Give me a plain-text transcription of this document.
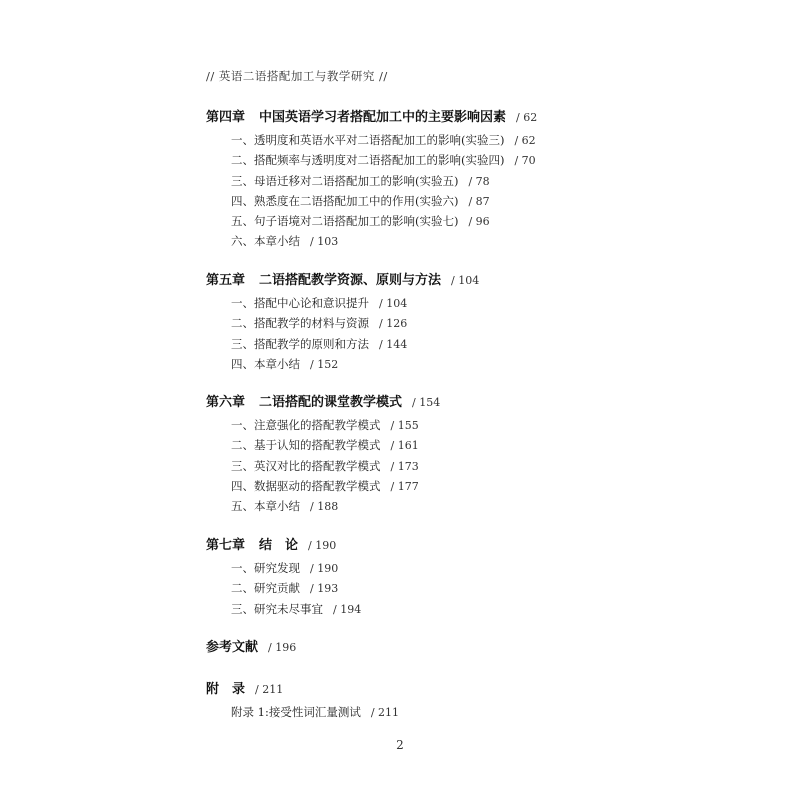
// 英语二语搭配加工与教学研究 //
第四章 中国英语学习者搭配加工中的主要影响因素 / 62
一、透明度和英语水平对二语搭配加工的影响(实验三) / 62
二、搭配频率与透明度对二语搭配加工的影响(实验四) / 70
三、母语迁移对二语搭配加工的影响(实验五) / 78
四、熟悉度在二语搭配加工中的作用(实验六) / 87
五、句子语境对二语搭配加工的影响(实验七) / 96
六、本章小结 / 103
第五章 二语搭配教学资源、原则与方法 / 104
一、搭配中心论和意识提升 / 104
二、搭配教学的材料与资源 / 126
三、搭配教学的原则和方法 / 144
四、本章小结 / 152
第六章 二语搭配的课堂教学模式 / 154
一、注意强化的搭配教学模式 / 155
二、基于认知的搭配教学模式 / 161
三、英汉对比的搭配教学模式 / 173
四、数据驱动的搭配教学模式 / 177
五、本章小结 / 188
第七章 结　论 / 190
一、研究发现 / 190
二、研究贡献 / 193
三、研究未尽事宜 / 194
参考文献 / 196
附　录 / 211
附录 1:接受性词汇量测试 / 211
2
